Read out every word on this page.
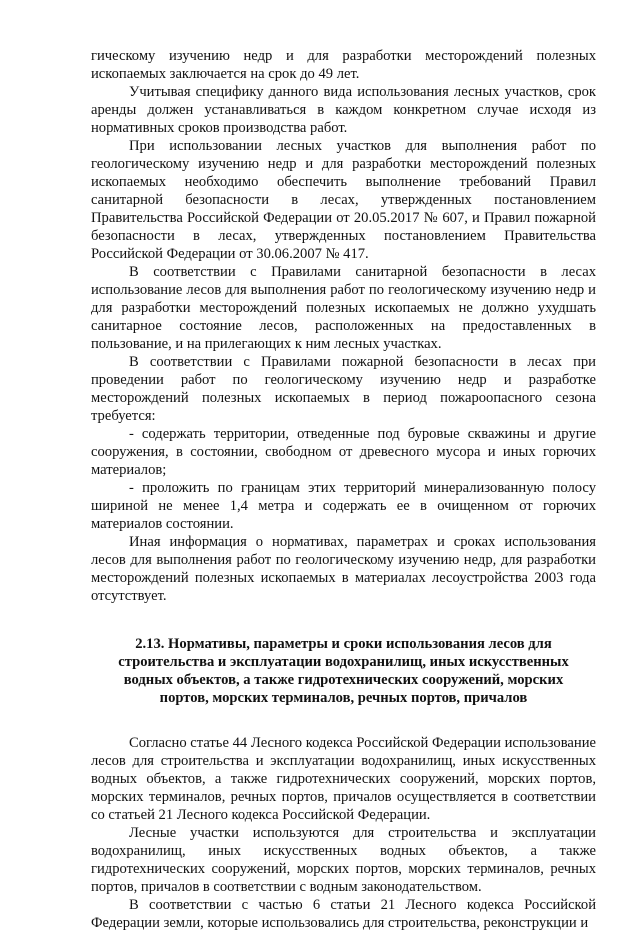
гическому изучению недр и для разработки месторождений полезных ископаемых заключается на срок до 49 лет.

Учитывая специфику данного вида использования лесных участков, срок аренды должен устанавливаться в каждом конкретном случае исходя из нормативных сроков производства работ.

При использовании лесных участков для выполнения работ по геологическому изучению недр и для разработки месторождений полезных ископаемых необходимо обеспечить выполнение требований Правил санитарной безопасности в лесах, утвержденных постановлением Правительства Российской Федерации от 20.05.2017 № 607, и Правил пожарной безопасности в лесах, утвержденных постановлением Правительства Российской Федерации от 30.06.2007 № 417.

В соответствии с Правилами санитарной безопасности в лесах использование лесов для выполнения работ по геологическому изучению недр и для разработки месторождений полезных ископаемых не должно ухудшать санитарное состояние лесов, расположенных на предоставленных в пользование, и на прилегающих к ним лесных участках.

В соответствии с Правилами пожарной безопасности в лесах при проведении работ по геологическому изучению недр и разработке месторождений полезных ископаемых в период пожароопасного сезона требуется:

- содержать территории, отведенные под буровые скважины и другие сооружения, в состоянии, свободном от древесного мусора и иных горючих материалов;

- проложить по границам этих территорий минерализованную полосу шириной не менее 1,4 метра и содержать ее в очищенном от горючих материалов состоянии.

Иная информация о нормативах, параметрах и сроках использования лесов для выполнения работ по геологическому изучению недр, для разработки месторождений полезных ископаемых в материалах лесоустройства 2003 года отсутствует.

2.13. Нормативы, параметры и сроки использования лесов для строительства и эксплуатации водохранилищ, иных искусственных водных объектов, а также гидротехнических сооружений, морских портов, морских терминалов, речных портов, причалов

Согласно статье 44 Лесного кодекса Российской Федерации использование лесов для строительства и эксплуатации водохранилищ, иных искусственных водных объектов, а также гидротехнических сооружений, морских портов, морских терминалов, речных портов, причалов осуществляется в соответствии со статьей 21 Лесного кодекса Российской Федерации.

Лесные участки используются для строительства и эксплуатации водохранилищ, иных искусственных водных объектов, а также гидротехнических сооружений, морских портов, морских терминалов, речных портов, причалов в соответствии с водным законодательством.

В соответствии с частью 6 статьи 21 Лесного кодекса Российской Федерации земли, которые использовались для строительства, реконструкции и
